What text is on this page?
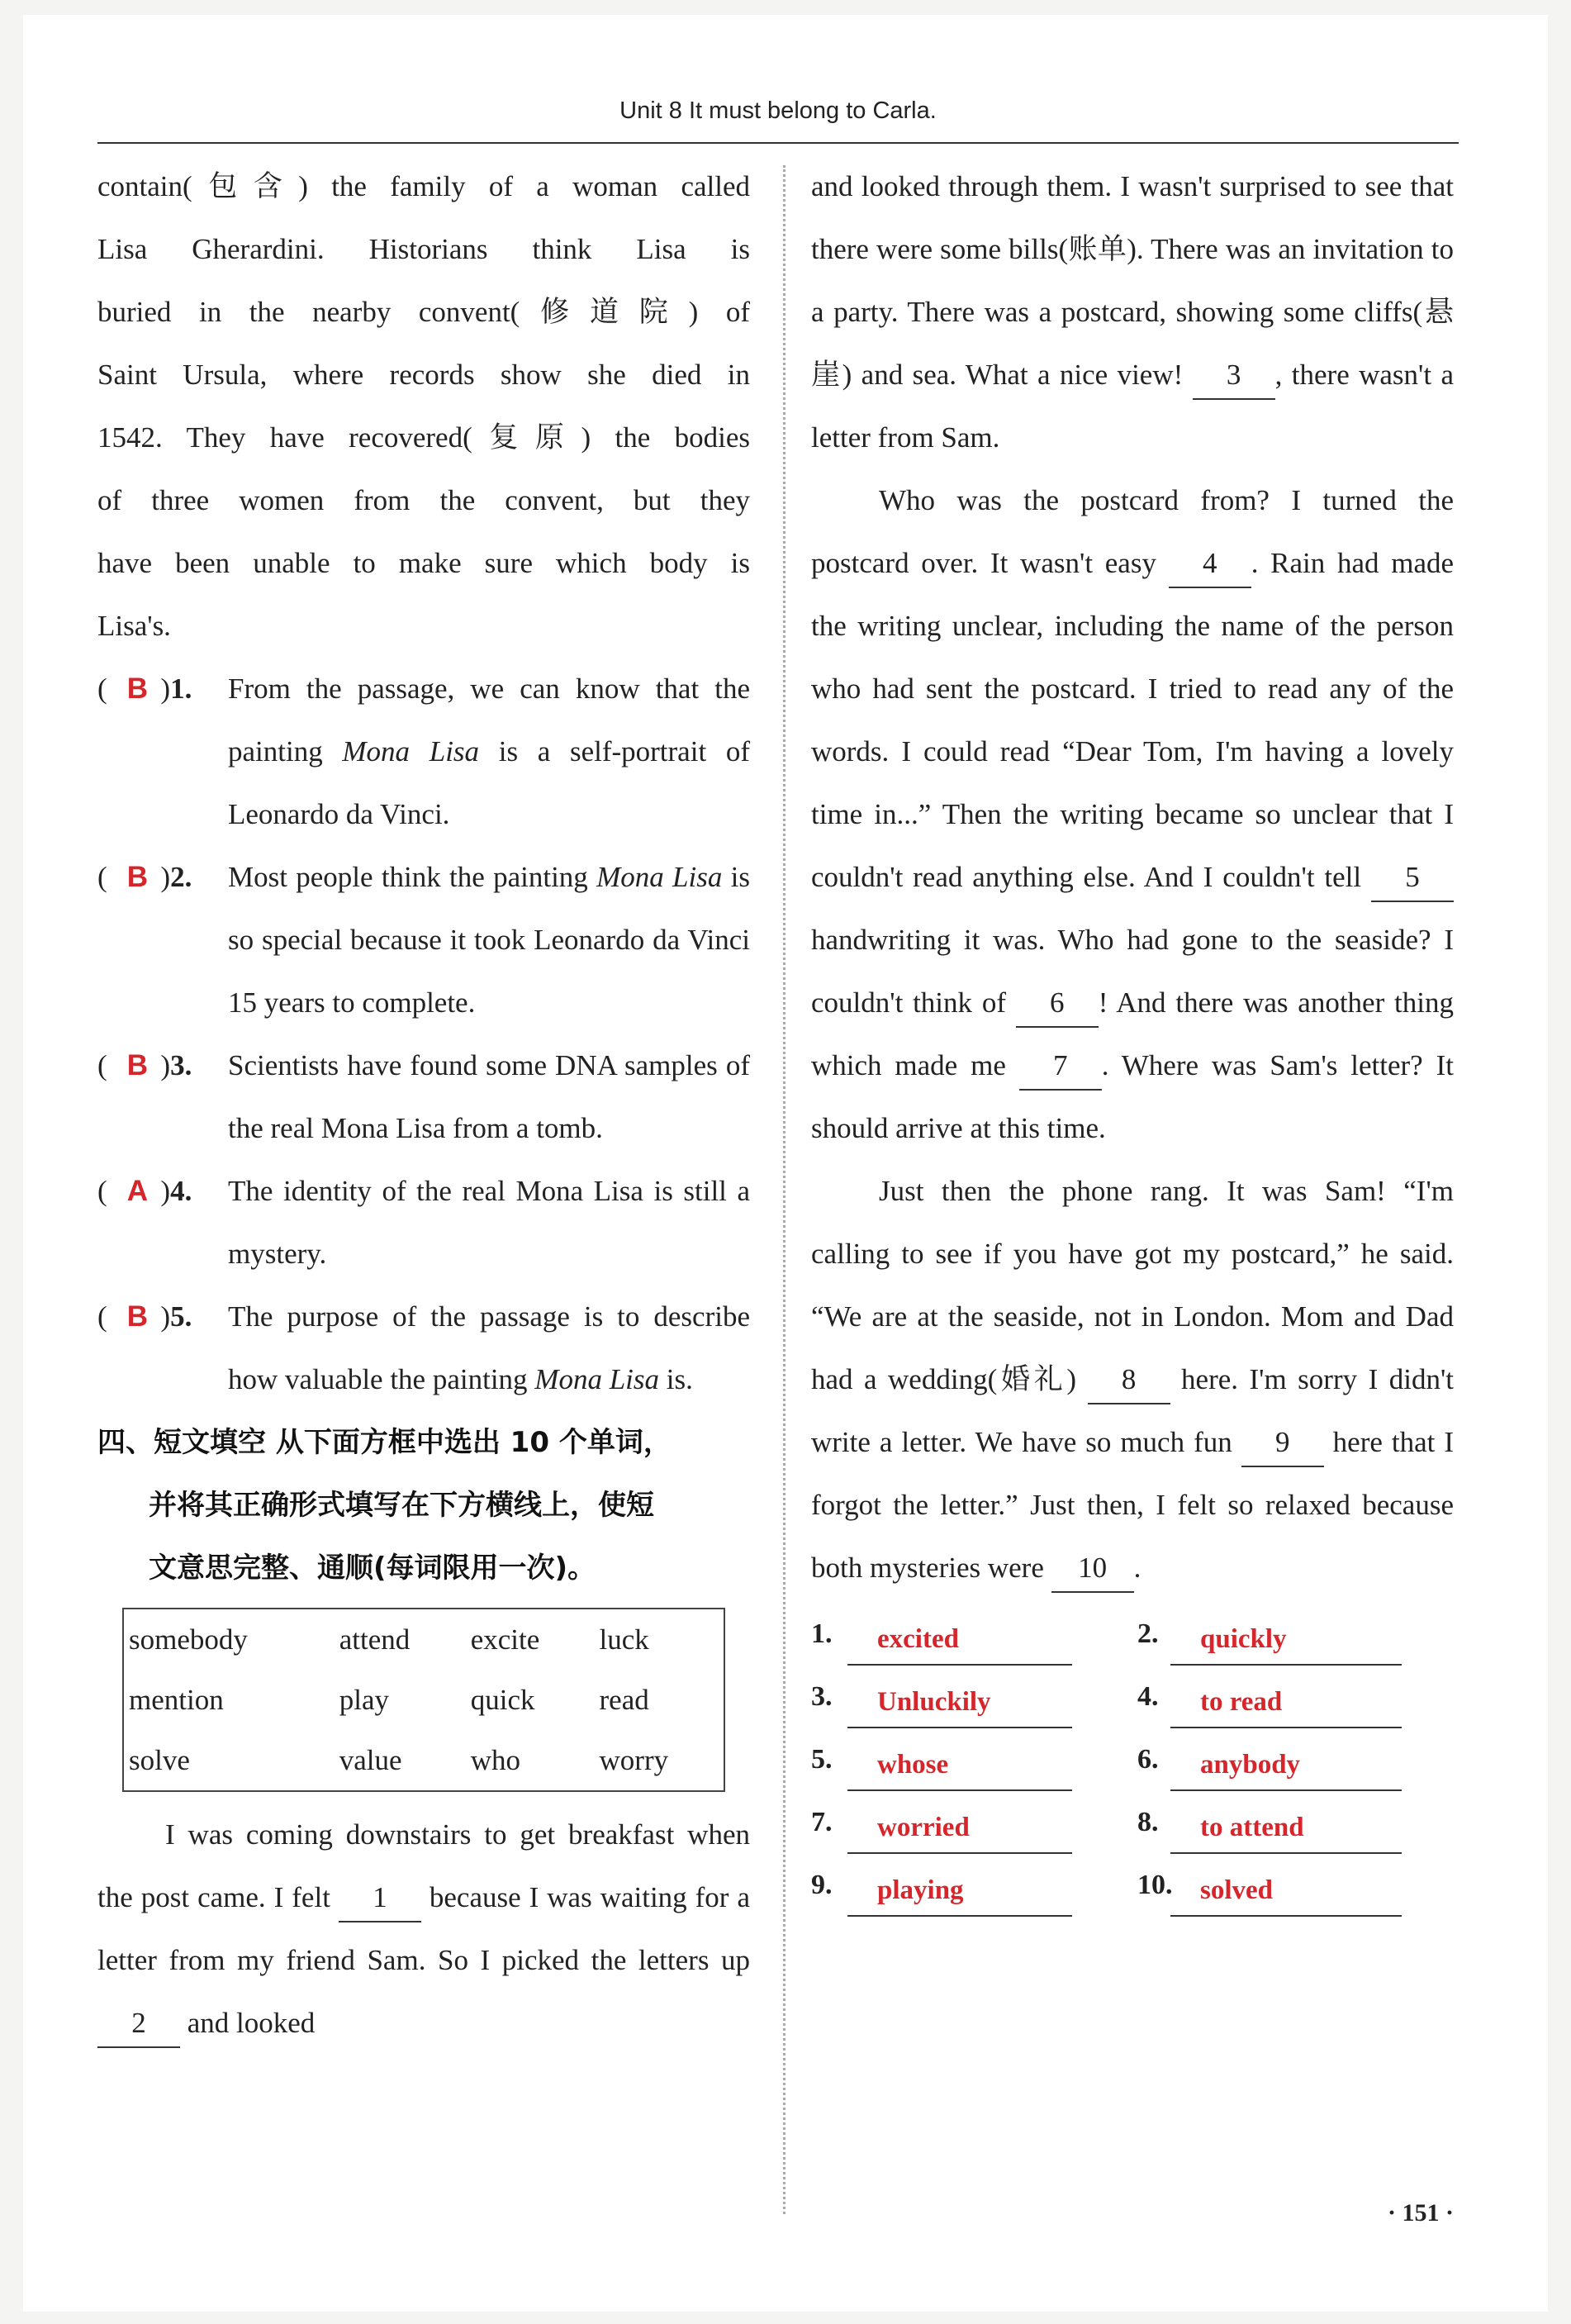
Unit 8 It must belong to Carla.
contain(包含) the family of a woman called
Lisa Gherardini. Historians think Lisa is
buried in the nearby convent(修道院) of
Saint Ursula, where records show she died in
1542. They have recovered(复原) the bodies
of three women from the convent, but they
have been unable to make sure which body is
Lisa's.
( B )1.	From the passage, we can know that the painting Mona Lisa is a self-portrait of Leonardo da Vinci.
( B )2.	Most people think the painting Mona Lisa is so special because it took Leonardo da Vinci 15 years to complete.
( B )3.	Scientists have found some DNA samples of the real Mona Lisa from a tomb.
( A )4.	The identity of the real Mona Lisa is still a mystery.
( B )5.	The purpose of the passage is to describe how valuable the painting Mona Lisa is.
四、短文填空 从下面方框中选出 10 个单词，
并将其正确形式填写在下方横线上，使短
文意思完整、通顺(每词限用一次)。
somebody	attend	excite	luck
mention	play	quick	read
solve	value	who	worry

I was coming downstairs to get breakfast when the post came. I felt 1 because I was waiting for a letter from my friend Sam. So I picked the letters up 2 and looked

and looked through them. I wasn't surprised to see that there were some bills(账单). There was an invitation to a party. There was a postcard, showing some cliffs(悬崖) and sea. What a nice view! 3 , there wasn't a letter from Sam.

Who was the postcard from? I turned the postcard over. It wasn't easy 4 . Rain had made the writing unclear, including the name of the person who had sent the postcard. I tried to read any of the words. I could read “Dear Tom, I'm having a lovely time in...” Then the writing became so unclear that I couldn't read anything else. And I couldn't tell 5 handwriting it was. Who had gone to the seaside? I couldn't think of 6 ! And there was another thing which made me 7 . Where was Sam's letter? It should arrive at this time.

Just then the phone rang. It was Sam! “I'm calling to see if you have got my postcard,” he said. “We are at the seaside, not in London. Mom and Dad had a wedding(婚礼) 8 here. I'm sorry I didn't write a letter. We have so much fun 9 here that I forgot the letter.” Just then, I felt so relaxed because both mysteries were 10 .

1.	excited	2.	quickly
3.	Unluckily	4.	to read
5.	whose	6.	anybody
7.	worried	8.	to attend
9.	playing	10.	solved
· 151 ·
